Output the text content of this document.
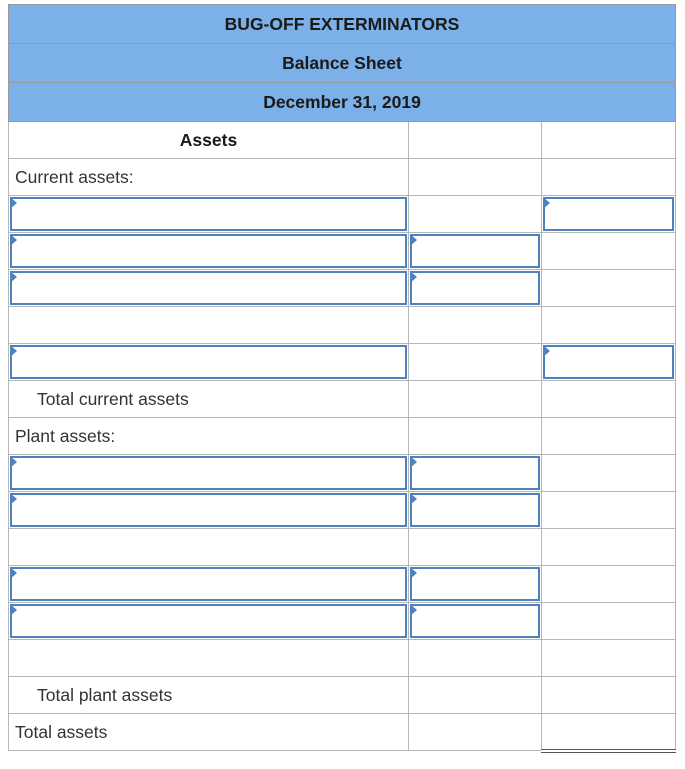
BUG-OFF EXTERMINATORS		
Balance Sheet		
December 31, 2019		
Assets		
Current assets:		

Total current assets		
Plant assets:		

Total plant assets		
Total assets		
